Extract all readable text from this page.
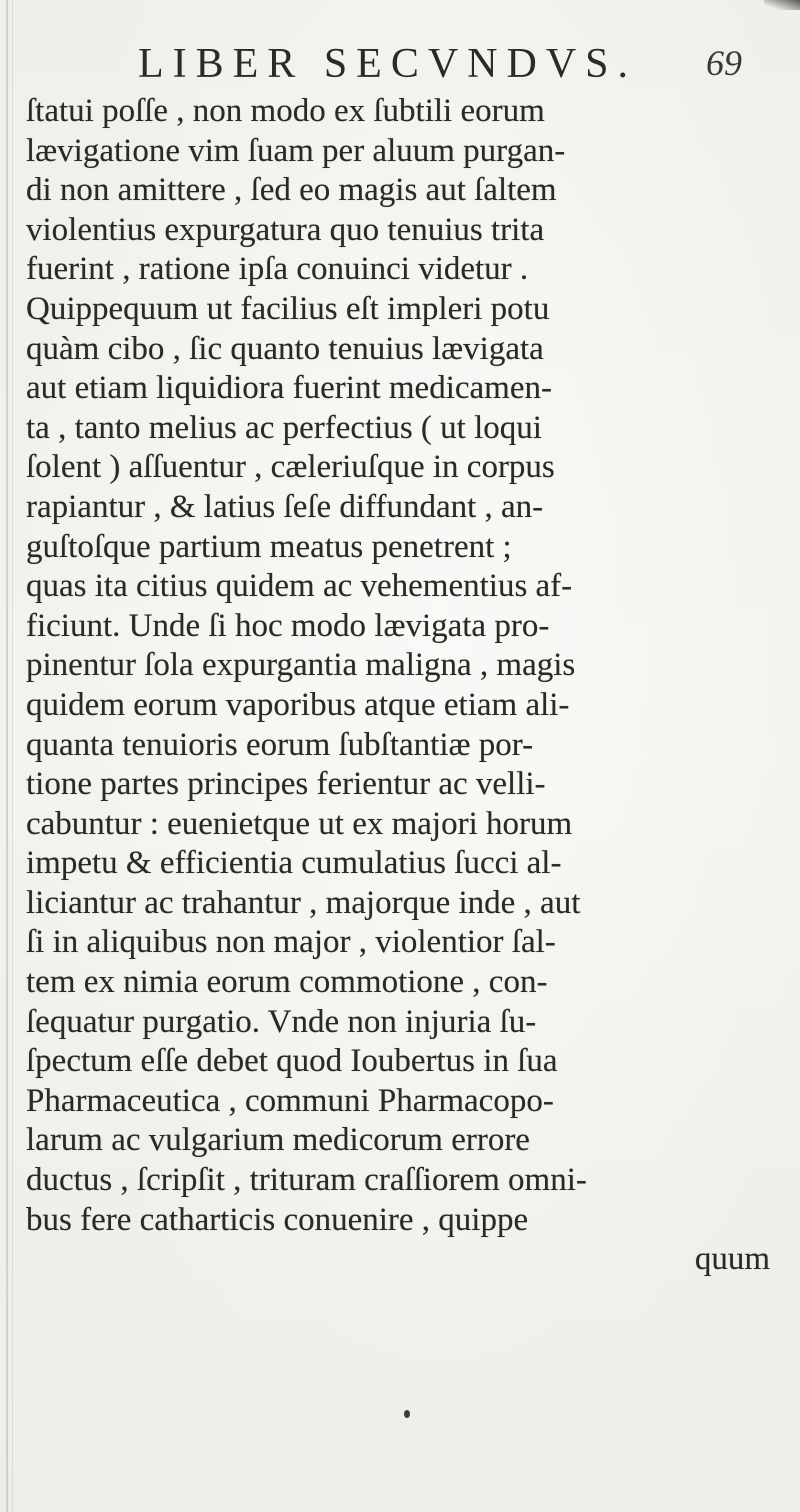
LIBER SECVNDVS. 69
ſtatui poſſe , non modo ex ſubtili eorum
lævigatione vim ſuam per aluum purgan-
di non amittere , ſed eo magis aut ſaltem
violentius expurgatura quo tenuius trita
fuerint , ratione ipſa conuinci videtur .
Quippequum ut facilius eſt impleri potu
quàm cibo , ſic quanto tenuius lævigata
aut etiam liquidiora fuerint medicamen-
ta , tanto melius ac perfectius ( ut loqui
ſolent ) aſſuentur , cæleriuſque in corpus
rapiantur , & latius ſeſe diffundant , an-
guſtoſque partium meatus penetrent ;
quas ita citius quidem ac vehementius af-
ficiunt. Unde ſi hoc modo lævigata pro-
pinentur ſola expurgantia maligna , magis
quidem eorum vaporibus atque etiam ali-
quanta tenuioris eorum ſubſtantiæ por-
tione partes principes ferientur ac velli-
cabuntur : euenietque ut ex majori horum
impetu & efficientia cumulatius ſucci al-
liciantur ac trahantur , majorque inde , aut
ſi in aliquibus non major , violentior ſal-
tem ex nimia eorum commotione , con-
ſequatur purgatio. Vnde non injuria ſu-
ſpectum eſſe debet quod Ioubertus in ſua
Pharmaceutica , communi Pharmacopo-
larum ac vulgarium medicorum errore
ductus , ſcripſit , trituram craſſiorem omni-
bus fere catharticis conuenire , quippe
quum
